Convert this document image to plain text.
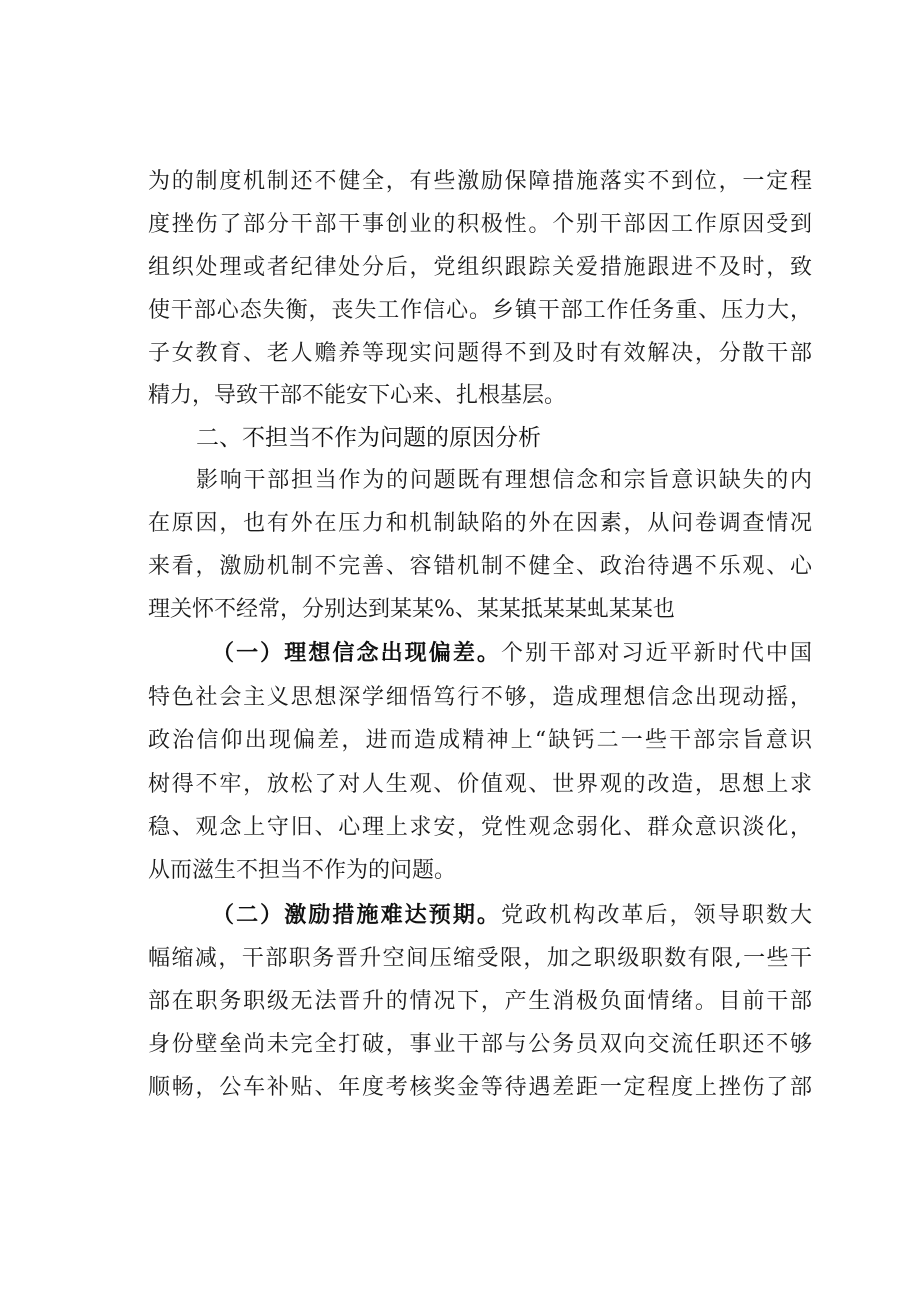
为的制度机制还不健全，有些激励保障措施落实不到位，一定程
度挫伤了部分干部干事创业的积极性。个别干部因工作原因受到
组织处理或者纪律处分后，党组织跟踪关爱措施跟进不及时，致
使干部心态失衡，丧失工作信心。乡镇干部工作任务重、压力大，
子女教育、老人赡养等现实问题得不到及时有效解决，分散干部
精力，导致干部不能安下心来、扎根基层。
二、不担当不作为问题的原因分析
影响干部担当作为的问题既有理想信念和宗旨意识缺失的内
在原因，也有外在压力和机制缺陷的外在因素，从问卷调查情况
来看，激励机制不完善、容错机制不健全、政治待遇不乐观、心
理关怀不经常，分别达到某某%、某某抵某某虬某某也
（一）理想信念出现偏差。个别干部对习近平新时代中国
特色社会主义思想深学细悟笃行不够，造成理想信念出现动摇，
政治信仰出现偏差，进而造成精神上“缺钙二一些干部宗旨意识
树得不牢，放松了对人生观、价值观、世界观的改造，思想上求
稳、观念上守旧、心理上求安，党性观念弱化、群众意识淡化，
从而滋生不担当不作为的问题。
（二）激励措施难达预期。党政机构改革后，领导职数大
幅缩减，干部职务晋升空间压缩受限，加之职级职数有限,一些干
部在职务职级无法晋升的情况下，产生消极负面情绪。目前干部
身份壁垒尚未完全打破，事业干部与公务员双向交流任职还不够
顺畅，公车补贴、年度考核奖金等待遇差距一定程度上挫伤了部
